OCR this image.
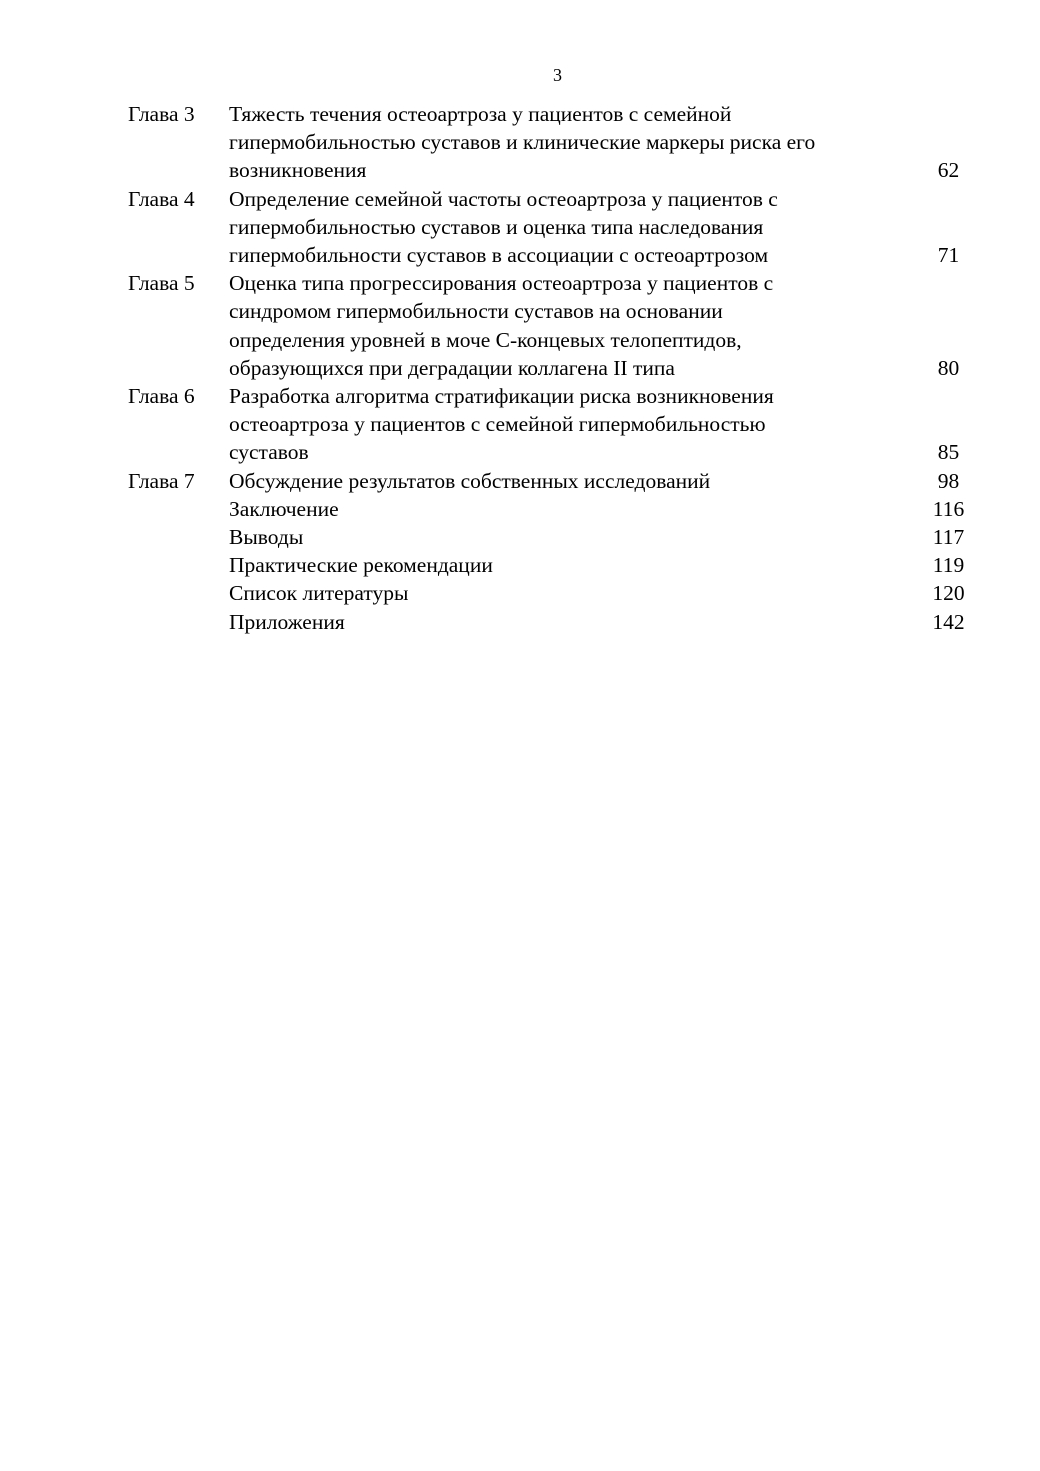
3
Глава 3	Тяжесть течения остеоартроза у пациентов с семейной
гипермобильностью суставов и клинические маркеры риска его
возникновения	62
Глава 4	Определение семейной частоты остеоартроза у пациентов с
гипермобильностью суставов и оценка типа наследования
гипермобильности суставов в ассоциации с остеоартрозом	71
Глава 5	Оценка типа прогрессирования остеоартроза у пациентов с
синдромом гипермобильности суставов на основании
определения уровней в моче С-концевых телопептидов,
образующихся при деградации коллагена II типа	80
Глава 6	Разработка алгоритма стратификации риска возникновения
остеоартроза у пациентов с семейной гипермобильностью
суставов	85
Глава 7	Обсуждение результатов собственных исследований	98
Заключение	116
Выводы	117
Практические рекомендации	119
Список литературы	120
Приложения	142
